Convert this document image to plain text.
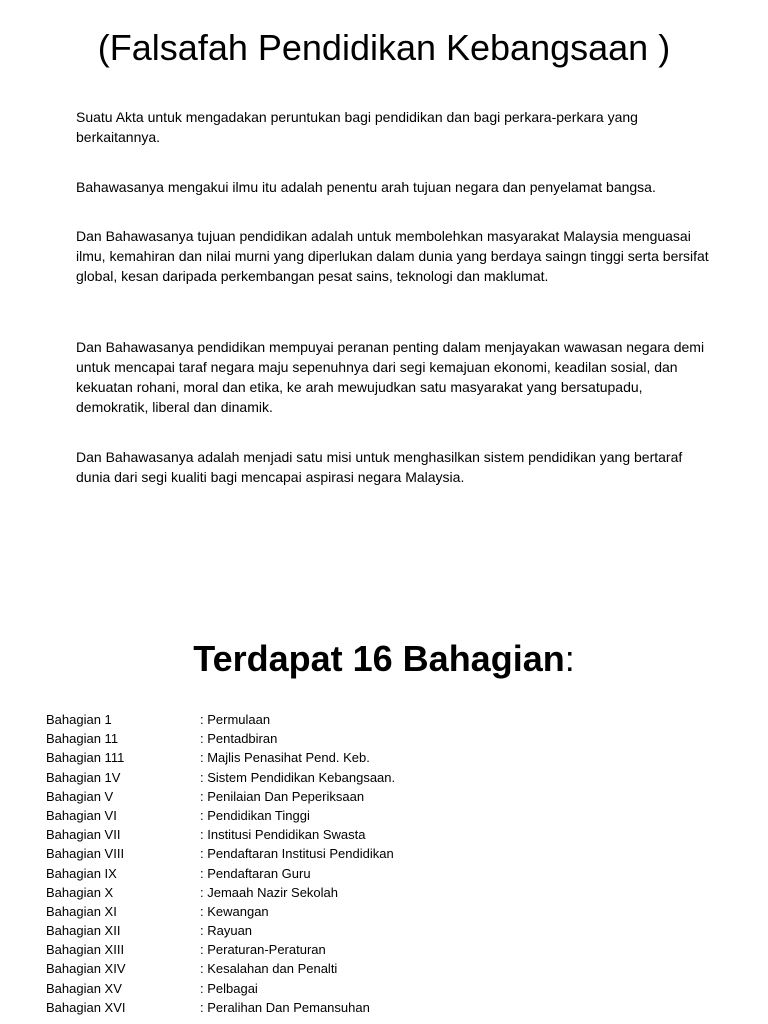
(Falsafah Pendidikan Kebangsaan )

Suatu Akta untuk mengadakan peruntukan bagi pendidikan dan bagi perkara-perkara yang berkaitannya.

Bahawasanya mengakui ilmu itu adalah penentu arah tujuan negara dan penyelamat bangsa.

Dan Bahawasanya tujuan pendidikan adalah untuk membolehkan masyarakat Malaysia menguasai ilmu, kemahiran dan nilai murni yang diperlukan dalam dunia yang berdaya saingn tinggi serta bersifat global, kesan daripada perkembangan pesat sains, teknologi dan maklumat.

Dan Bahawasanya pendidikan mempuyai peranan penting dalam menjayakan wawasan negara demi untuk mencapai taraf negara maju sepenuhnya dari segi kemajuan ekonomi, keadilan sosial, dan kekuatan rohani, moral dan etika, ke arah mewujudkan satu masyarakat yang bersatupadu, demokratik, liberal dan dinamik.

Dan Bahawasanya adalah menjadi satu misi untuk menghasilkan sistem pendidikan yang bertaraf dunia dari segi kualiti bagi mencapai aspirasi negara Malaysia.

Terdapat 16 Bahagian:
Bahagian 1	: Permulaan
Bahagian 11	: Pentadbiran
Bahagian 111	: Majlis Penasihat Pend. Keb.
Bahagian 1V	: Sistem Pendidikan Kebangsaan.
Bahagian V	: Penilaian Dan Peperiksaan
Bahagian VI	: Pendidikan Tinggi
Bahagian VII	: Institusi Pendidikan Swasta
Bahagian VIII	: Pendaftaran Institusi Pendidikan
Bahagian IX	: Pendaftaran Guru
Bahagian X	: Jemaah Nazir Sekolah
Bahagian XI	: Kewangan
Bahagian XII	: Rayuan
Bahagian XIII	: Peraturan-Peraturan
Bahagian XIV	: Kesalahan dan Penalti
Bahagian XV	: Pelbagai
Bahagian XVI	: Peralihan Dan Pemansuhan
